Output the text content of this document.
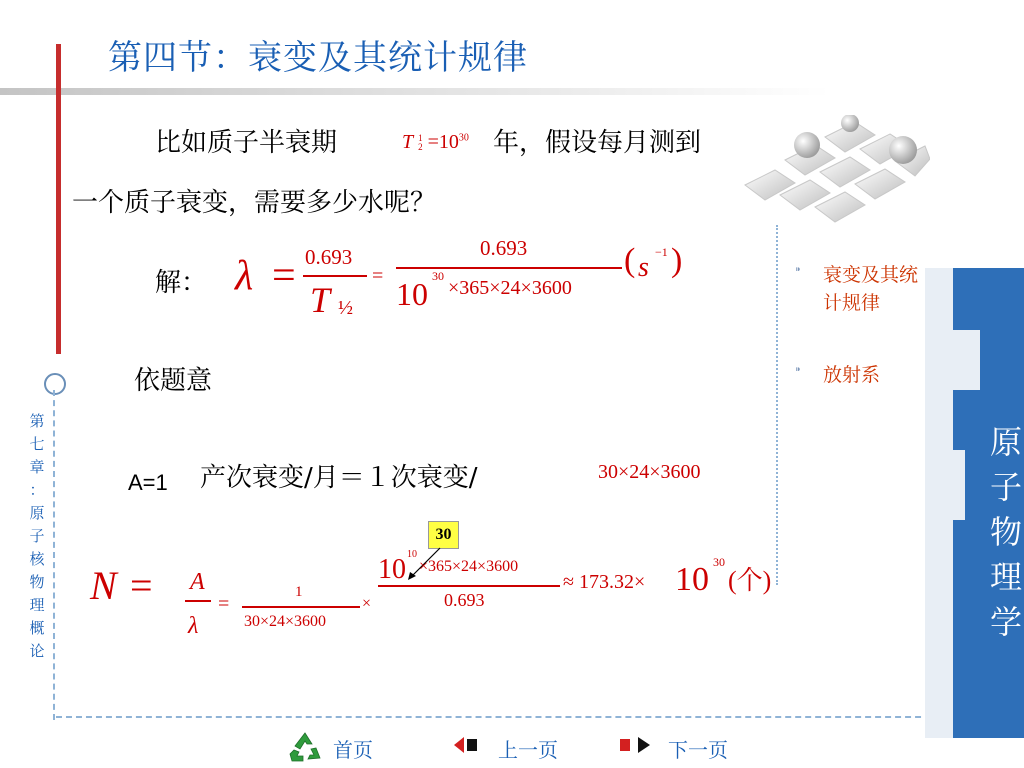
第四节：衰变及其统计规律
比如质子半衰期	T 1
$2 =10^{30}$ 年，假设每月测到
一个质子衰变，需要多少水呢？
解： λ = 0.693
T ½
=
0.693
10 30
×365×24×3600
( s −1 )
依题意
A=1 产次衰变/月＝１次衰变/	30×24×3600
30
N = A
λ
=
1
30×24×3600
×
10 10
×365×24×3600
0.693
≈ 173.32× 10 30
(个)
第
七
章
：
原
子
核
物
理
概
论
⁍ 衰变及其统计规律
⁍ 放射系
原
子
物
理
学
首页	上一页	下一页
